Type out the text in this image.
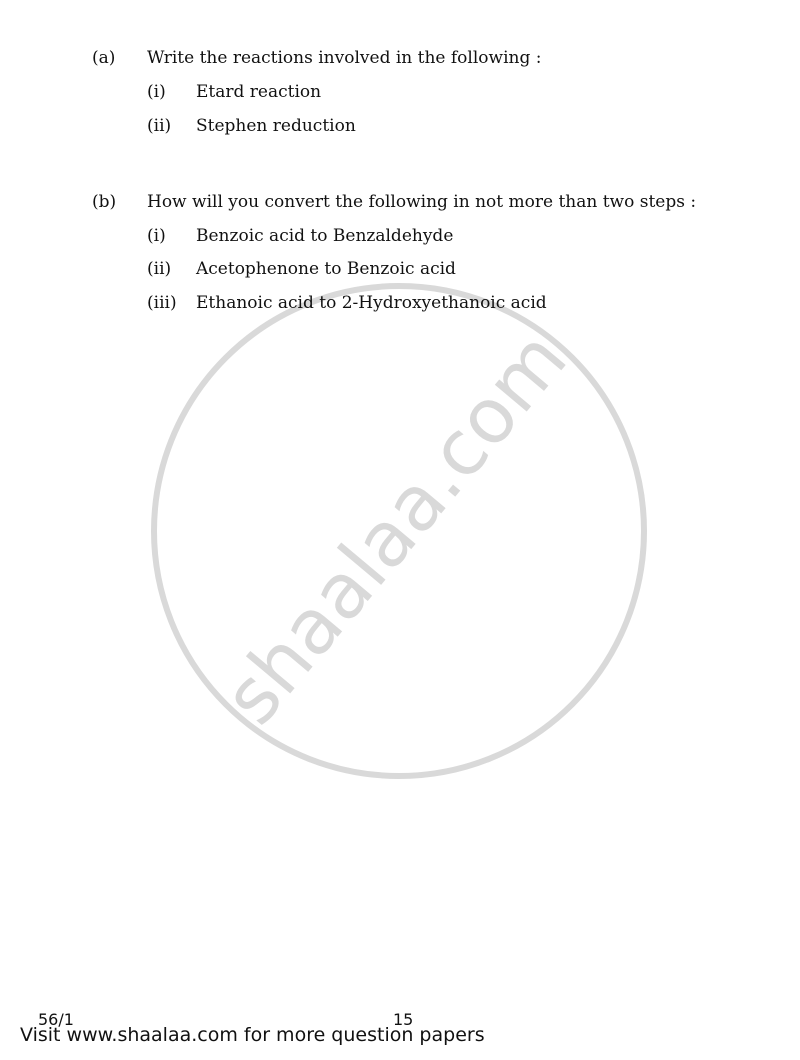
shaalaa.com
(a) Write the reactions involved in the following :
(i) Etard reaction
(ii) Stephen reduction
(b) How will you convert the following in not more than two steps :
(i) Benzoic acid to Benzaldehyde
(ii) Acetophenone to Benzoic acid
(iii) Ethanoic acid to 2-Hydroxyethanoic acid
56/1	15
Visit www.shaalaa.com for more question papers
